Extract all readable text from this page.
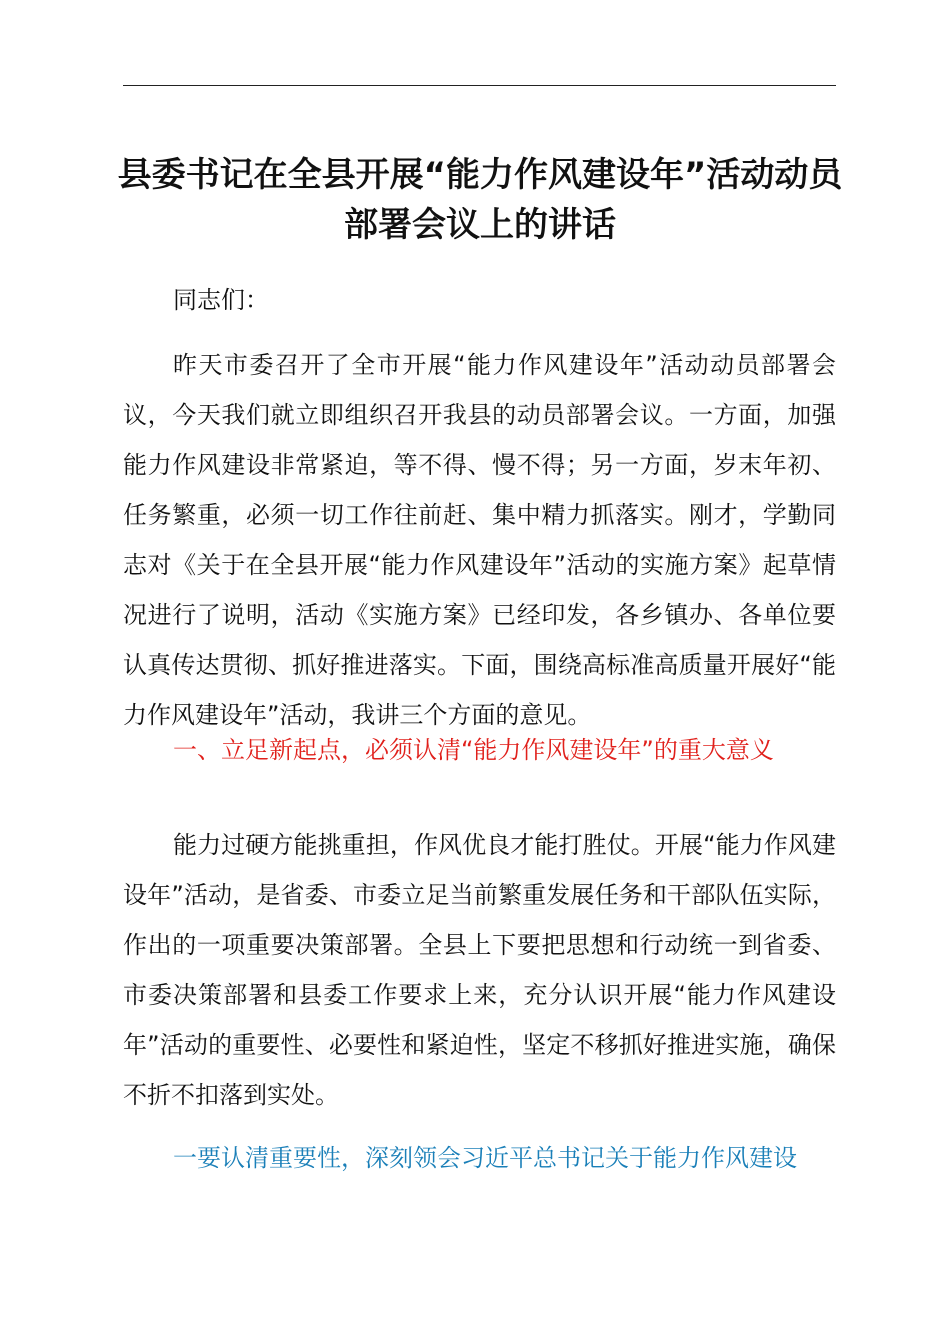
县委书记在全县开展“能力作风建设年”活动动员部署会议上的讲话
同志们：
昨天市委召开了全市开展“能力作风建设年”活动动员部署会议，今天我们就立即组织召开我县的动员部署会议。一方面，加强能力作风建设非常紧迫，等不得、慢不得；另一方面，岁末年初、任务繁重，必须一切工作往前赶、集中精力抓落实。刚才，学勤同志对《关于在全县开展“能力作风建设年”活动的实施方案》起草情况进行了说明，活动《实施方案》已经印发，各乡镇办、各单位要认真传达贯彻、抓好推进落实。下面，围绕高标准高质量开展好“能力作风建设年”活动，我讲三个方面的意见。
一、立足新起点，必须认清“能力作风建设年”的重大意义
能力过硬方能挑重担，作风优良才能打胜仗。开展“能力作风建设年”活动，是省委、市委立足当前繁重发展任务和干部队伍实际，作出的一项重要决策部署。全县上下要把思想和行动统一到省委、市委决策部署和县委工作要求上来，充分认识开展“能力作风建设年”活动的重要性、必要性和紧迫性，坚定不移抓好推进实施，确保不折不扣落到实处。
一要认清重要性，深刻领会习近平总书记关于能力作风建设
